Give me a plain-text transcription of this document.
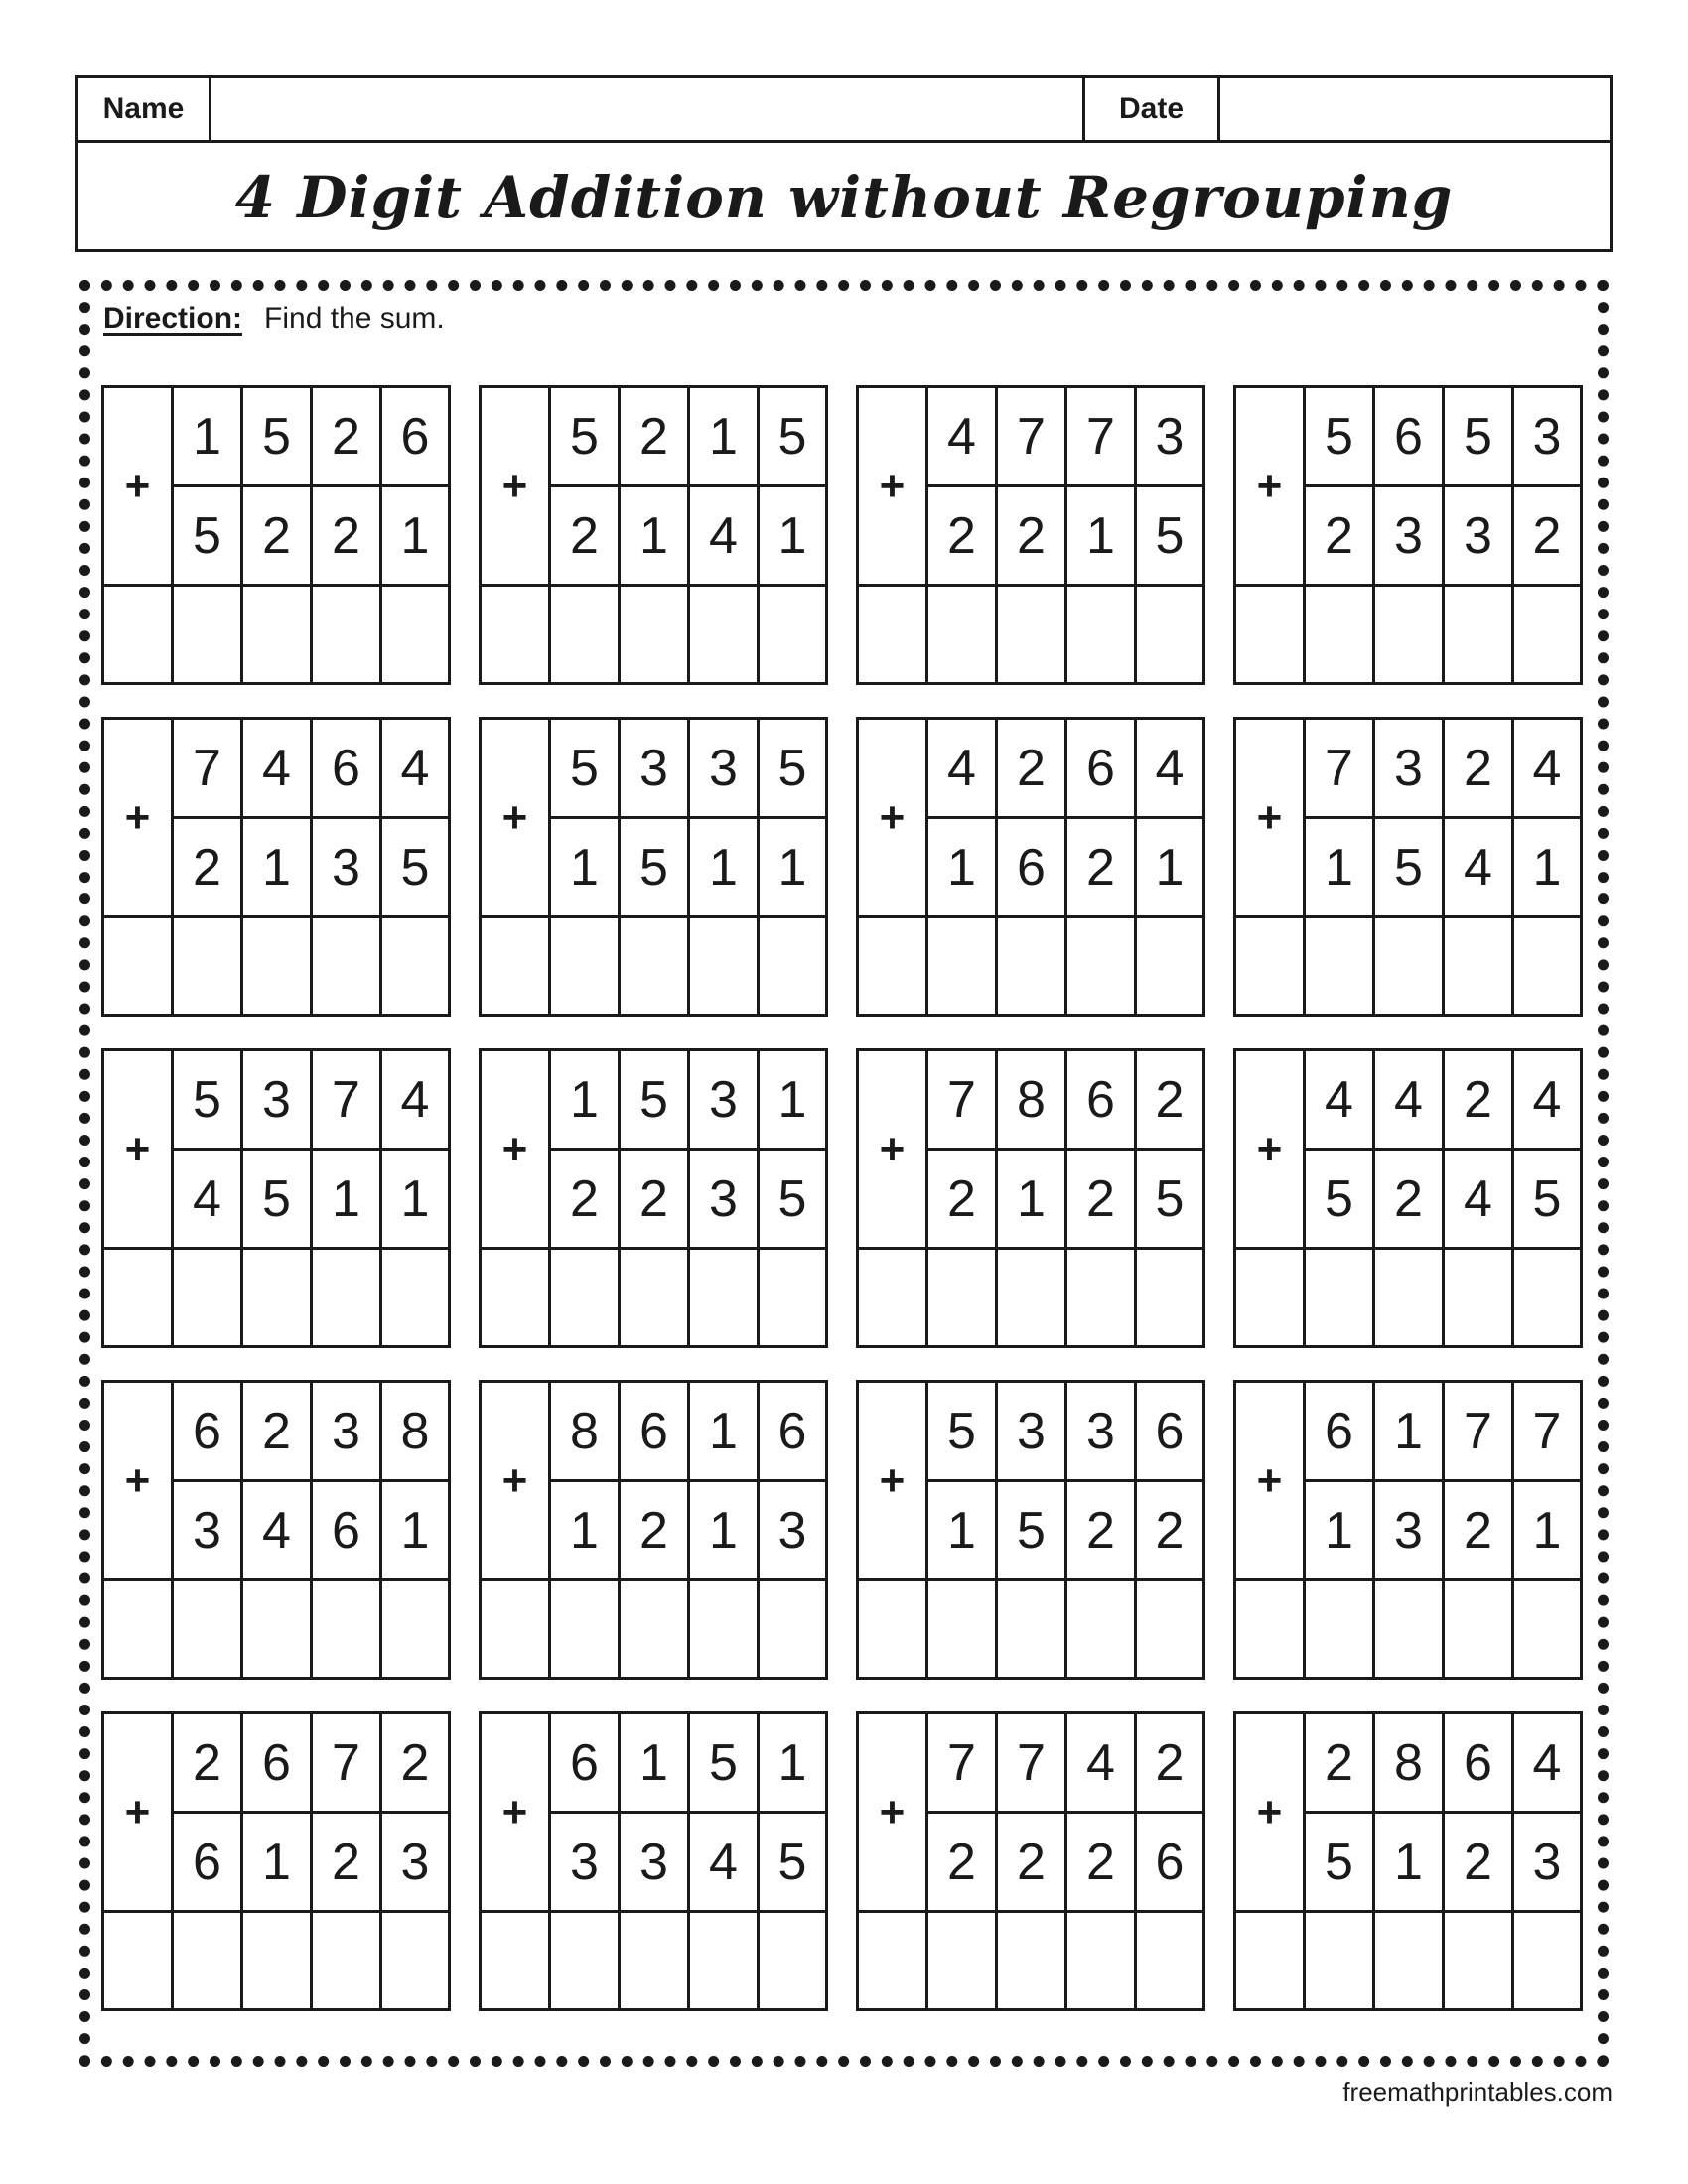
Name	Date
4 Digit Addition without Regrouping
Direction: Find the sum.
+
1 5 2 6
5 2 2 1
+
5 2 1 5
2 1 4 1
+
4 7 7 3
2 2 1 5
+
5 6 5 3
2 3 3 2
+
7 4 6 4
2 1 3 5
+
5 3 3 5
1 5 1 1
+
4 2 6 4
1 6 2 1
+
7 3 2 4
1 5 4 1
+
5 3 7 4
4 5 1 1
+
1 5 3 1
2 2 3 5
+
7 8 6 2
2 1 2 5
+
4 4 2 4
5 2 4 5
+
6 2 3 8
3 4 6 1
+
8 6 1 6
1 2 1 3
+
5 3 3 6
1 5 2 2
+
6 1 7 7
1 3 2 1
+
2 6 7 2
6 1 2 3
+
6 1 5 1
3 3 4 5
+
7 7 4 2
2 2 2 6
+
2 8 6 4
5 1 2 3
freemathprintables.com
